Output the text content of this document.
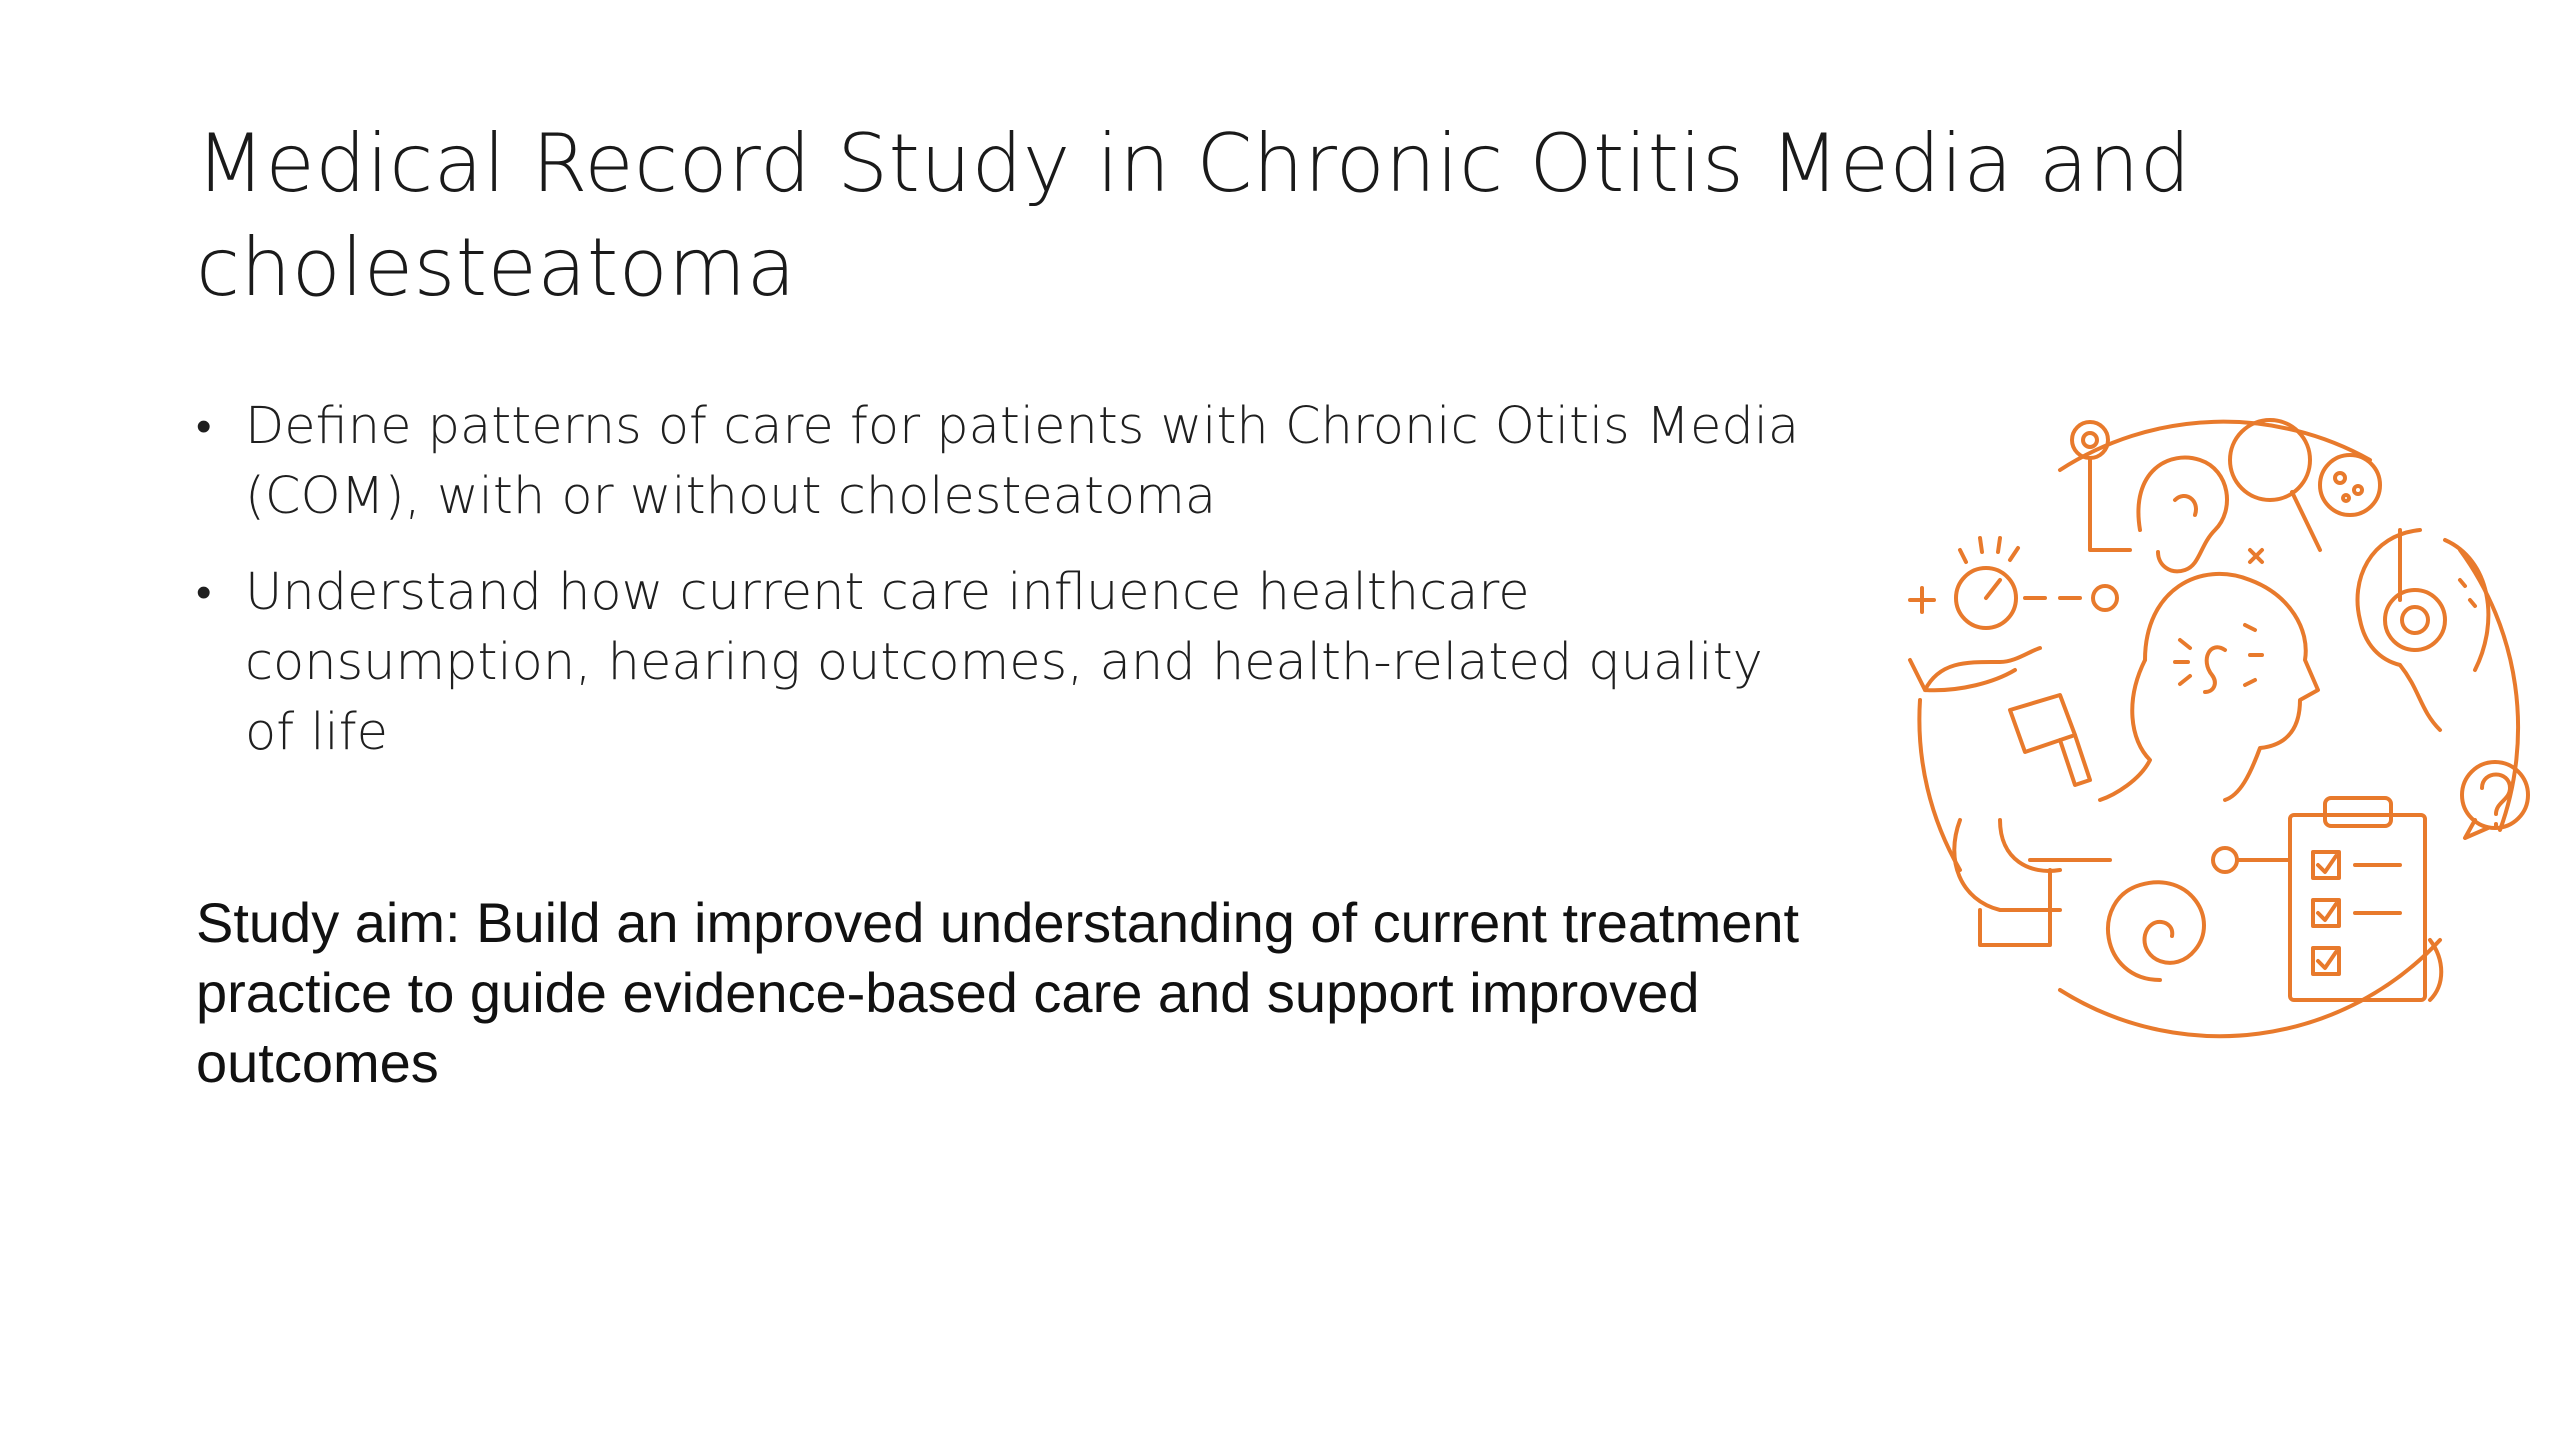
Medical Record Study in Chronic Otitis Media and cholesteatoma
• Define patterns of care for patients with Chronic Otitis Media (COM), with or without cholesteatoma
• Understand how current care influence healthcare consumption, hearing outcomes, and health-related quality of life

Study aim: Build an improved understanding of current treatment practice to guide evidence-based care and support improved outcomes
